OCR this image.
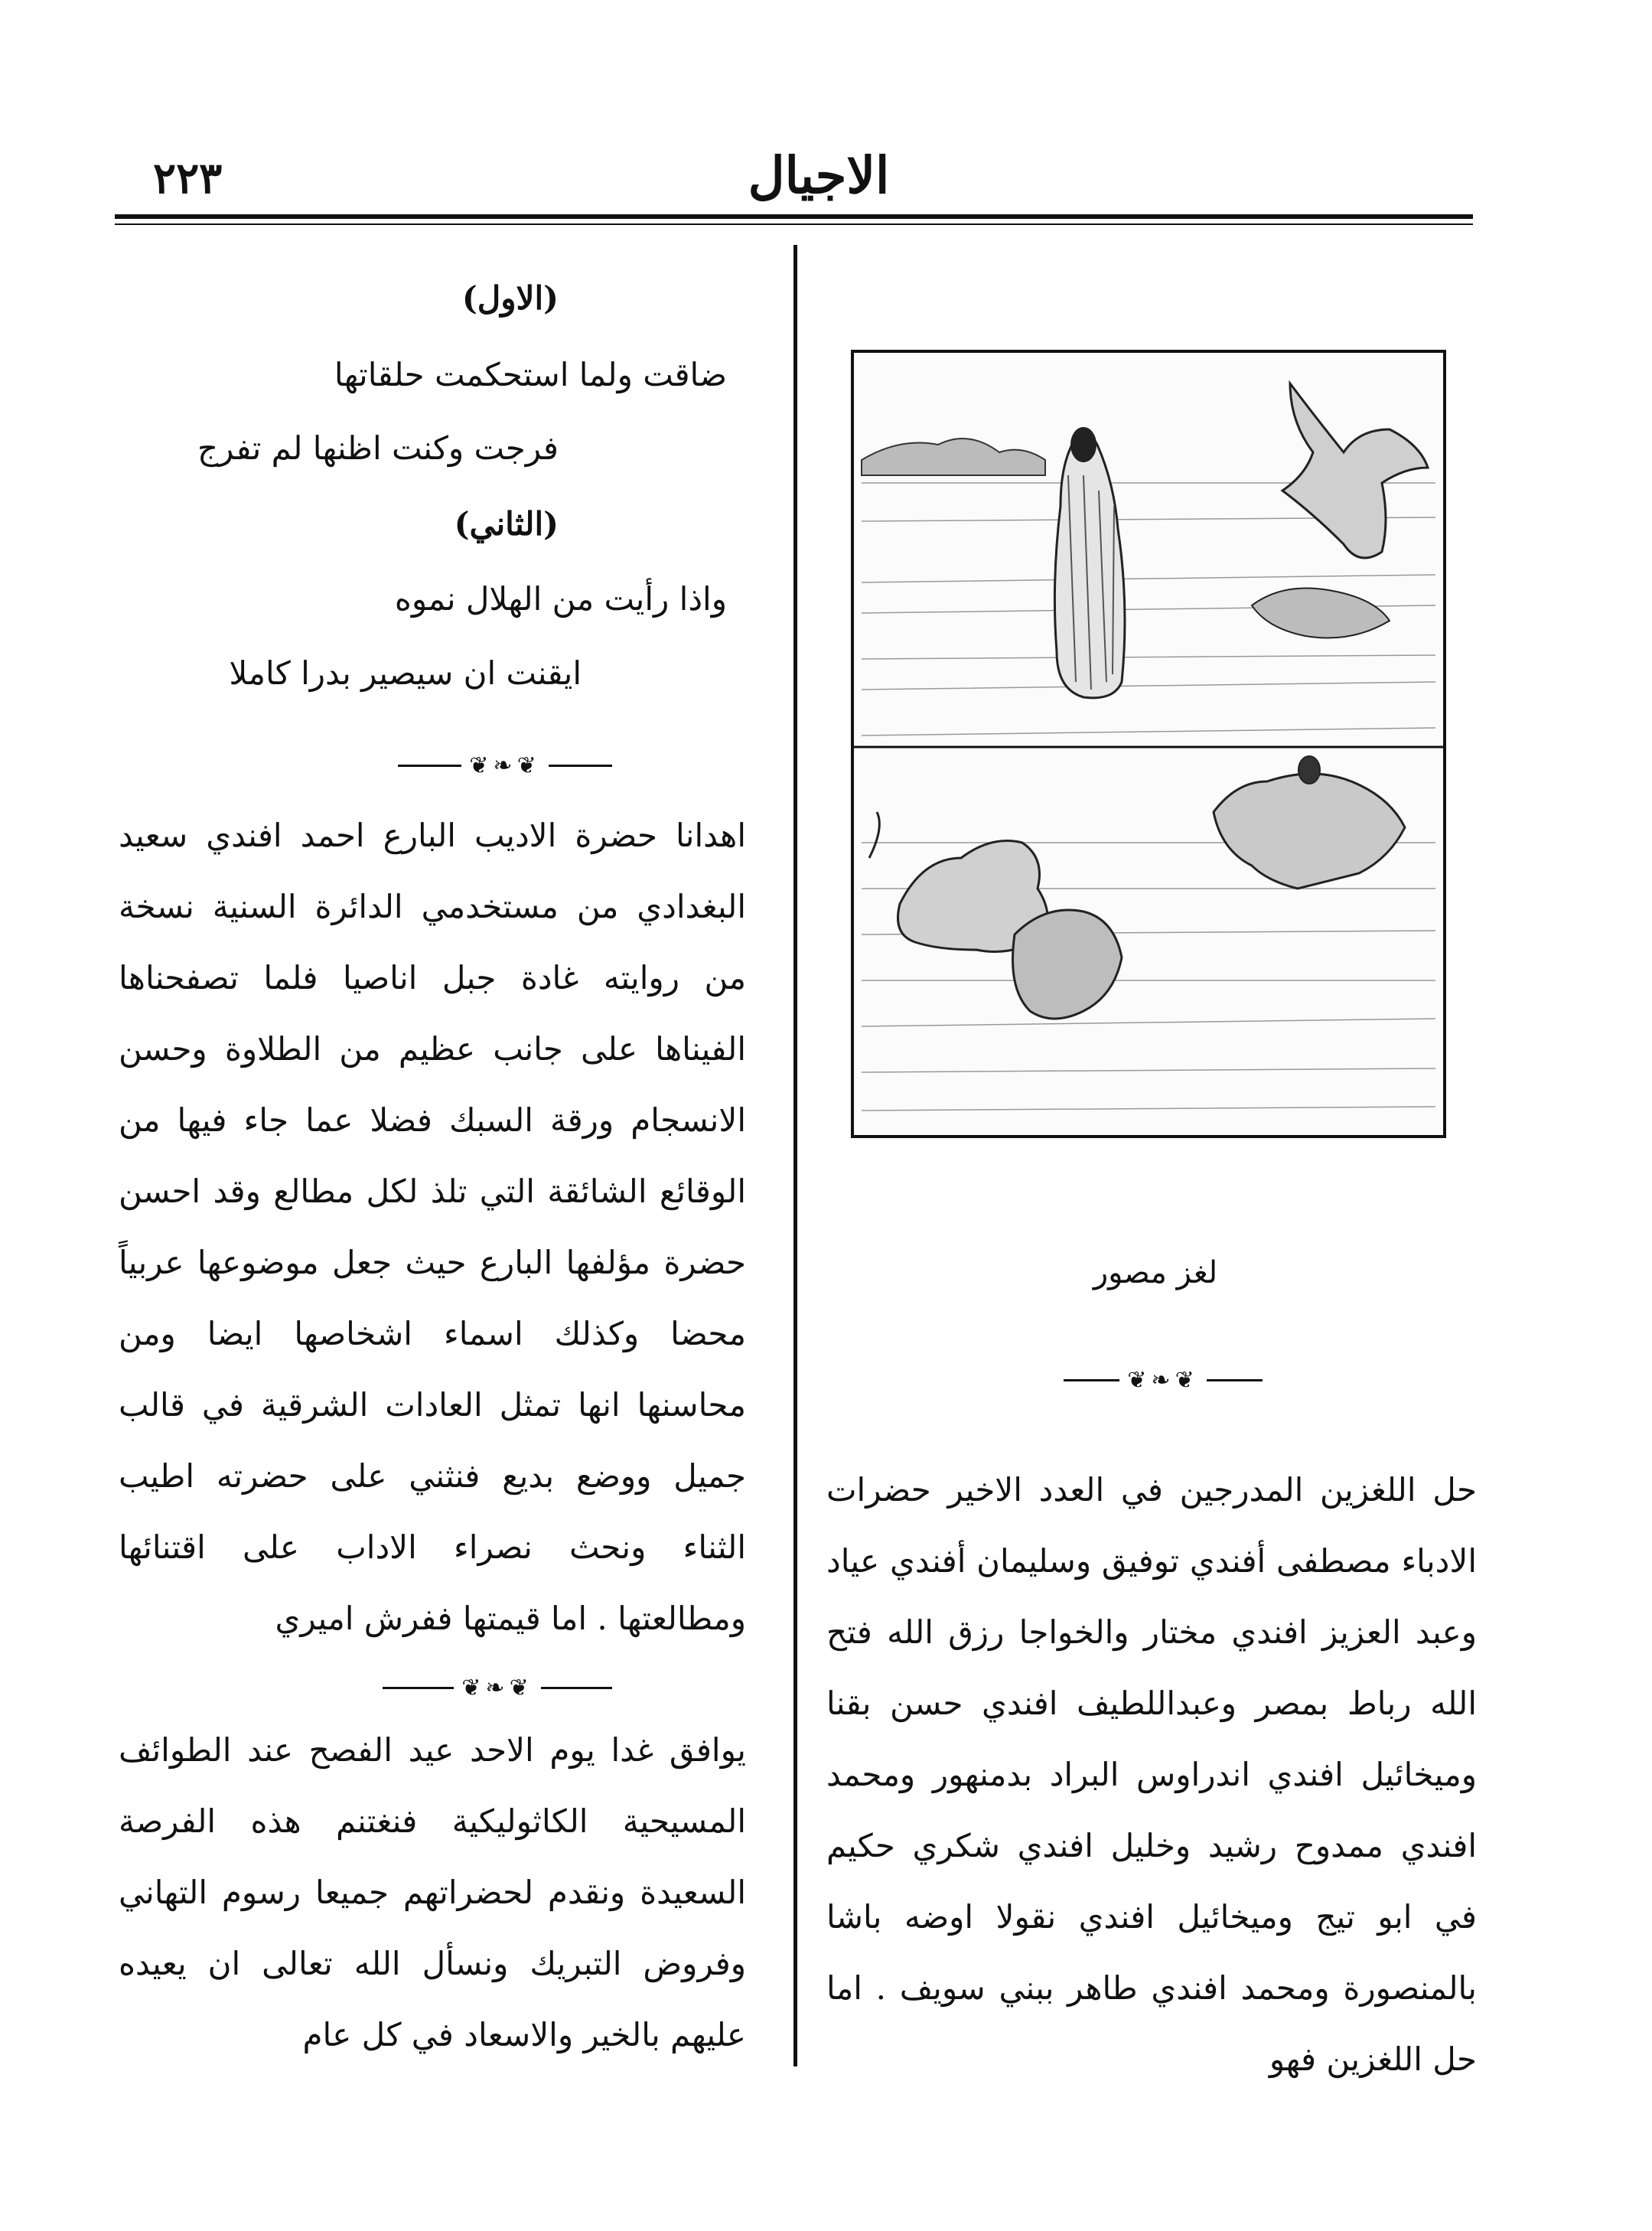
٢٢٣	الاجيال
لغز مصور
❦❧❦
حل اللغزين المدرجين في العدد الاخير حضرات الادباء مصطفى أفندي توفيق وسليمان أفندي عياد وعبد العزيز افندي مختار والخواجا رزق الله فتح الله رباط بمصر وعبداللطيف افندي حسن بقنا وميخائيل افندي اندراوس البراد بدمنهور ومحمد افندي ممدوح رشيد وخليل افندي شكري حكيم في ابو تيج وميخائيل افندي نقولا اوضه باشا بالمنصورة ومحمد افندي طاهر ببني سويف . اما حل اللغزين فهو
(الاول)
ضاقت ولما استحكمت حلقاتها
فرجت وكنت اظنها لم تفرج
(الثاني)
واذا رأيت من الهلال نموه
ايقنت ان سيصير بدرا كاملا
❦❧❦
اهدانا حضرة الاديب البارع احمد افندي سعيد البغدادي من مستخدمي الدائرة السنية نسخة من روايته غادة جبل اناصيا فلما تصفحناها الفيناها على جانب عظيم من الطلاوة وحسن الانسجام ورقة السبك فضلا عما جاء فيها من الوقائع الشائقة التي تلذ لكل مطالع وقد احسن حضرة مؤلفها البارع حيث جعل موضوعها عربياً محضا وكذلك اسماء اشخاصها ايضا ومن محاسنها انها تمثل العادات الشرقية في قالب جميل ووضع بديع فنثني على حضرته اطيب الثناء ونحث نصراء الاداب على اقتنائها ومطالعتها . اما قيمتها ففرش اميري
❦❧❦
يوافق غدا يوم الاحد عيد الفصح عند الطوائف المسيحية الكاثوليكية فنغتنم هذه الفرصة السعيدة ونقدم لحضراتهم جميعا رسوم التهاني وفروض التبريك ونسأل الله تعالى ان يعيده عليهم بالخير والاسعاد في كل عام
